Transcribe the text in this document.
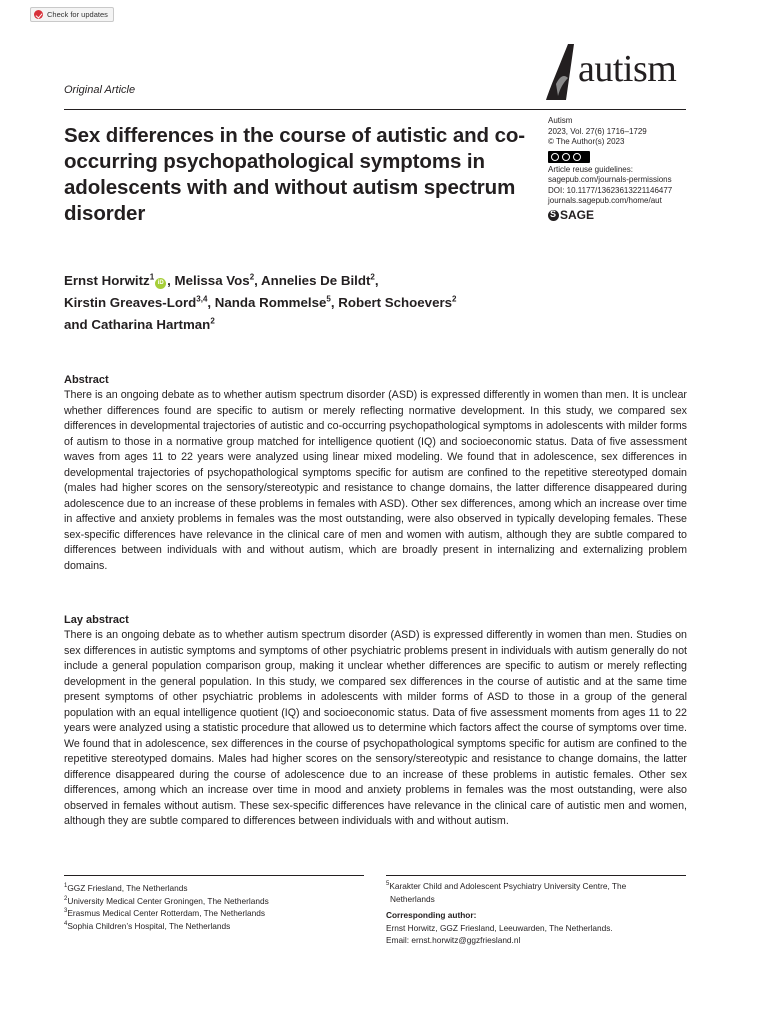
Check for updates
Original Article	autism
Sex differences in the course of autistic and co-occurring psychopathological symptoms in adolescents with and without autism spectrum disorder
Autism
2023, Vol. 27(6) 1716–1729
© The Author(s) 2023
Article reuse guidelines:
sagepub.com/journals-permissions
DOI: 10.1177/13623613221146477
journals.sagepub.com/home/aut
S
SAGE
Ernst Horwitz$^1$iD , Melissa Vos$^2$, Annelies De Bildt$^2$,
Kirstin Greaves-Lord$^{3,4}$, Nanda Rommelse$^5$, Robert Schoevers$^2$
and Catharina Hartman$^2$
Abstract
There is an ongoing debate as to whether autism spectrum disorder (ASD) is expressed differently in women than men. It is unclear whether differences found are specific to autism or merely reflecting normative development. In this study, we compared sex differences in developmental trajectories of autistic and co-occurring psychopathological symptoms in adolescents with milder forms of autism to those in a normative group matched for intelligence quotient (IQ) and socioeconomic status. Data of five assessment waves from ages 11 to 22 years were analyzed using linear mixed modeling. We found that in adolescence, sex differences in developmental trajectories of psychopathological symptoms specific for autism are confined to the repetitive stereotyped domain (males had higher scores on the sensory/stereotypic and resistance to change domains, the latter difference disappeared during adolescence due to an increase of these problems in females with ASD). Other sex differences, among which an increase over time in affective and anxiety problems in females was the most outstanding, were also observed in typically developing females. These sex-specific differences have relevance in the clinical care of men and women with autism, although they are subtle compared to differences between individuals with and without autism, which are broadly present in internalizing and externalizing problem domains.
Lay abstract
There is an ongoing debate as to whether autism spectrum disorder (ASD) is expressed differently in women than men. Studies on sex differences in autistic symptoms and symptoms of other psychiatric problems present in individuals with autism generally do not include a general population comparison group, making it unclear whether differences are specific to autism or merely reflecting development in the general population. In this study, we compared sex differences in the course of autistic and at the same time present symptoms of other psychiatric problems in adolescents with milder forms of ASD to those in a group of the general population with an equal intelligence quotient (IQ) and socioeconomic status. Data of five assessment moments from ages 11 to 22 years were analyzed using a statistic procedure that allowed us to determine which factors affect the course of symptoms over time. We found that in adolescence, sex differences in the course of psychopathological symptoms specific for autism are confined to the repetitive stereotyped domains. Males had higher scores on the sensory/stereotypic and resistance to change domains, the latter difference disappeared during the course of adolescence due to an increase of these problems in autistic females. Other sex differences, among which an increase over time in mood and anxiety problems in females was the most outstanding, were also observed in females without autism. These sex-specific differences have relevance in the clinical care of autistic men and women, although they are subtle compared to differences between individuals with and without autism.
$^1$GGZ Friesland, The Netherlands
$^2$University Medical Center Groningen, The Netherlands
$^3$Erasmus Medical Center Rotterdam, The Netherlands
$^4$Sophia Children’s Hospital, The Netherlands
$^5$Karakter Child and Adolescent Psychiatry University Centre, The
Netherlands
Corresponding author:
Ernst Horwitz, GGZ Friesland, Leeuwarden, The Netherlands.
Email: ernst.horwitz@ggzfriesland.nl
